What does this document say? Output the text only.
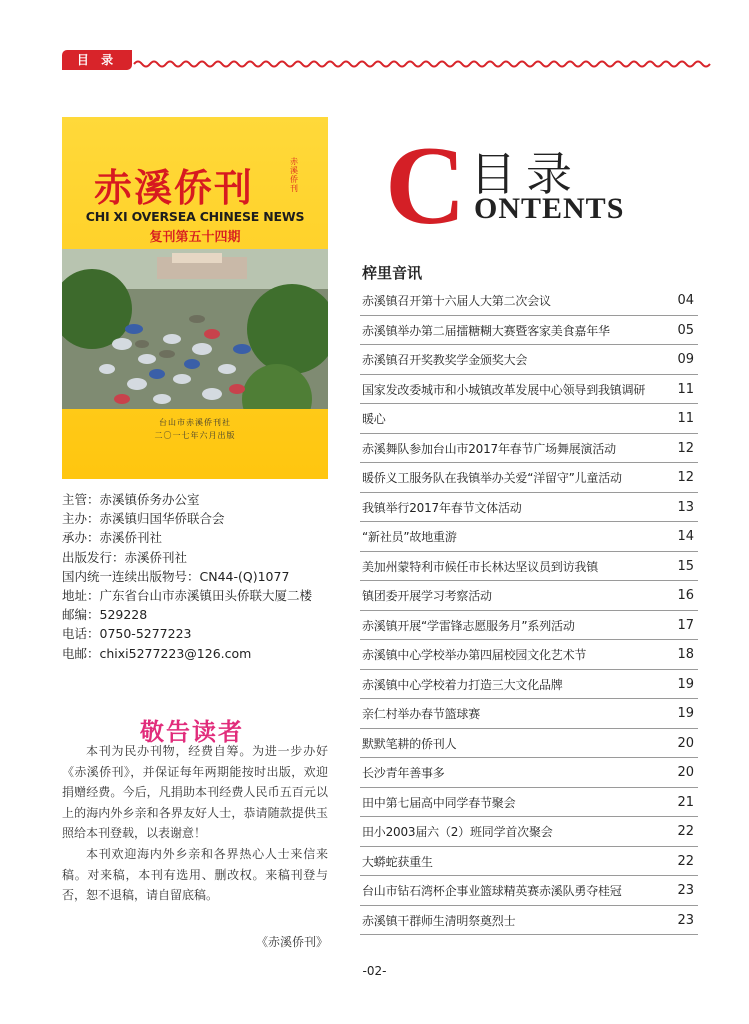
目 录
赤溪侨刊
赤溪侨刊
CHI XI OVERSEA CHINESE NEWS
复刊第五十四期
台山市赤溪侨刊社
二〇一七年六月出版
主管：赤溪镇侨务办公室
主办：赤溪镇归国华侨联合会
承办：赤溪侨刊社
出版发行：赤溪侨刊社
国内统一连续出版物号：CN44-(Q)1077
地址：广东省台山市赤溪镇田头侨联大厦二楼
邮编：529228
电话：0750-5277223
电邮：chixi5277223@126.com
敬告读者

本刊为民办刊物，经费自筹。为进一步办好《赤溪侨刊》，并保证每年两期能按时出版，欢迎捐赠经费。今后，凡捐助本刊经费人民币五百元以上的海内外乡亲和各界友好人士，恭请随款提供玉照给本刊登载，以表谢意！

本刊欢迎海内外乡亲和各界热心人士来信来稿。对来稿，本刊有选用、删改权。来稿刊登与否，恕不退稿，请自留底稿。

《赤溪侨刊》
C 目录
ONTENTS
梓里音讯
赤溪镇召开第十六届人大第二次会议	04
赤溪镇举办第二届擂糖糊大赛暨客家美食嘉年华	05
赤溪镇召开奖教奖学金颁奖大会	09
国家发改委城市和小城镇改革发展中心领导到我镇调研 11
暖心	11
赤溪舞队参加台山市2017年春节广场舞展演活动	12
暖侨义工服务队在我镇举办关爱“洋留守”儿童活动	12
我镇举行2017年春节文体活动	13
“新社员”故地重游	14
美加州蒙特利市候任市长林达坚议员到访我镇	15
镇团委开展学习考察活动	16
赤溪镇开展“学雷锋志愿服务月”系列活动	17
赤溪镇中心学校举办第四届校园文化艺术节	18
赤溪镇中心学校着力打造三大文化品牌	19
亲仁村举办春节篮球赛	19
默默笔耕的侨刊人	20
长沙青年善事多	20
田中第七届高中同学春节聚会	21
田小2003届六（2）班同学首次聚会	22
大蟒蛇获重生	22
台山市钻石湾杯企事业篮球精英赛赤溪队勇夺桂冠	23
赤溪镇干群师生清明祭奠烈士	23
-02-
